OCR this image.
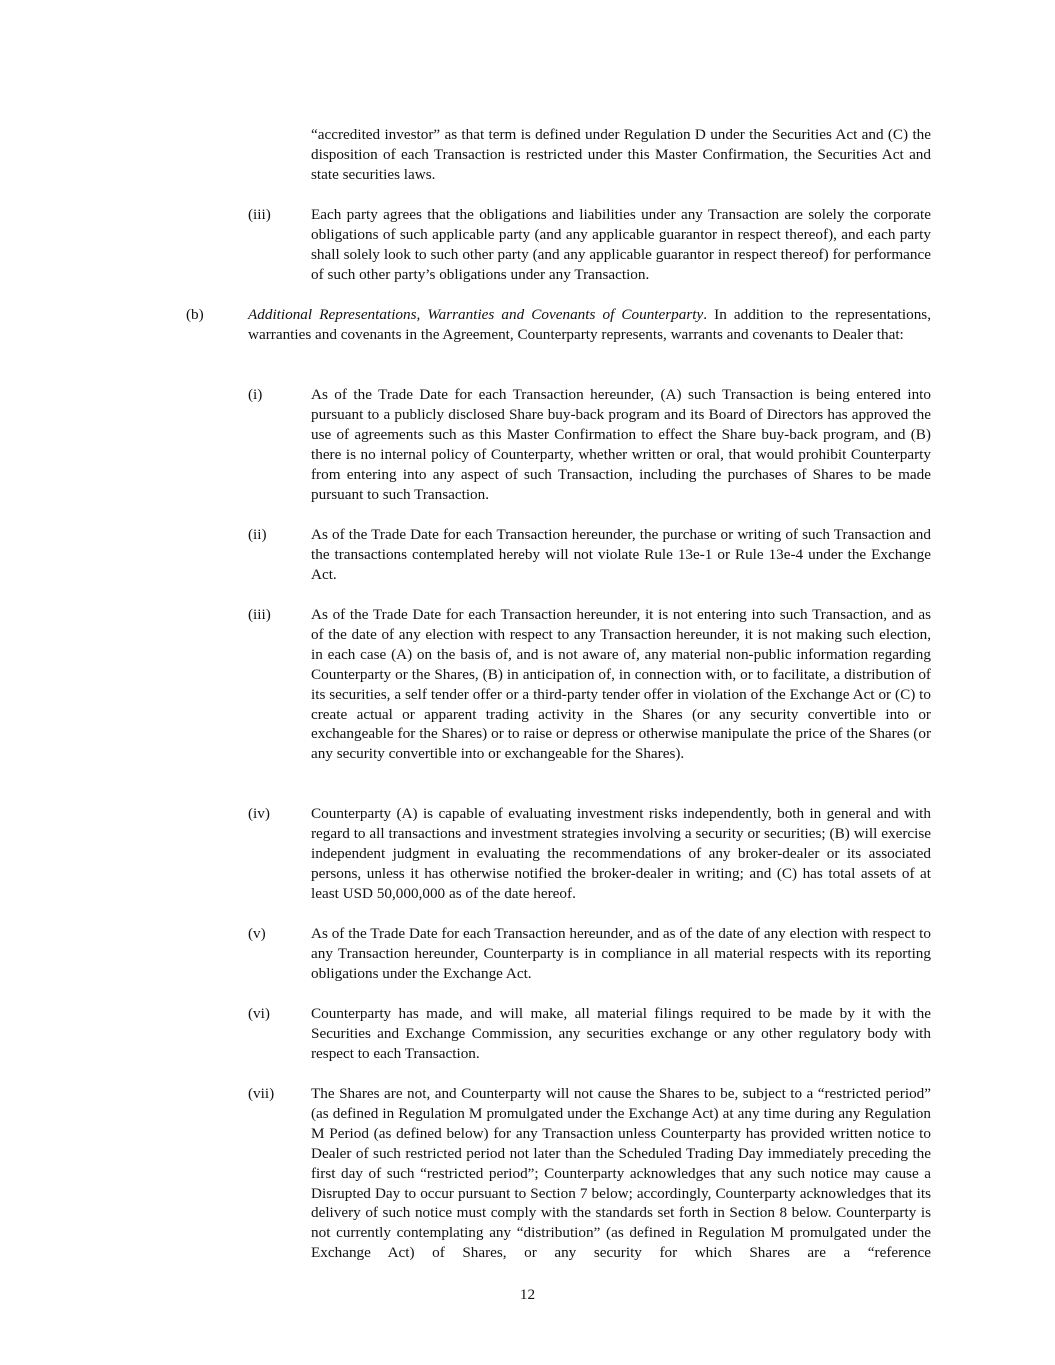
“accredited investor” as that term is defined under Regulation D under the Securities Act and (C) the disposition of each Transaction is restricted under this Master Confirmation, the Securities Act and state securities laws.
(iii)	Each party agrees that the obligations and liabilities under any Transaction are solely the corporate obligations of such applicable party (and any applicable guarantor in respect thereof), and each party shall solely look to such other party (and any applicable guarantor in respect thereof) for performance of such other party’s obligations under any Transaction.
(b)	Additional Representations, Warranties and Covenants of Counterparty. In addition to the representations, warranties and covenants in the Agreement, Counterparty represents, warrants and covenants to Dealer that:
(i)	As of the Trade Date for each Transaction hereunder, (A) such Transaction is being entered into pursuant to a publicly disclosed Share buy-back program and its Board of Directors has approved the use of agreements such as this Master Confirmation to effect the Share buy-back program, and (B) there is no internal policy of Counterparty, whether written or oral, that would prohibit Counterparty from entering into any aspect of such Transaction, including the purchases of Shares to be made pursuant to such Transaction.
(ii)	As of the Trade Date for each Transaction hereunder, the purchase or writing of such Transaction and the transactions contemplated hereby will not violate Rule 13e-1 or Rule 13e-4 under the Exchange Act.
(iii)	As of the Trade Date for each Transaction hereunder, it is not entering into such Transaction, and as of the date of any election with respect to any Transaction hereunder, it is not making such election, in each case (A) on the basis of, and is not aware of, any material non-public information regarding Counterparty or the Shares, (B) in anticipation of, in connection with, or to facilitate, a distribution of its securities, a self tender offer or a third-party tender offer in violation of the Exchange Act or (C) to create actual or apparent trading activity in the Shares (or any security convertible into or exchangeable for the Shares) or to raise or depress or otherwise manipulate the price of the Shares (or any security convertible into or exchangeable for the Shares).
(iv)	Counterparty (A) is capable of evaluating investment risks independently, both in general and with regard to all transactions and investment strategies involving a security or securities; (B) will exercise independent judgment in evaluating the recommendations of any broker-dealer or its associated persons, unless it has otherwise notified the broker-dealer in writing; and (C) has total assets of at least USD 50,000,000 as of the date hereof.
(v)	As of the Trade Date for each Transaction hereunder, and as of the date of any election with respect to any Transaction hereunder, Counterparty is in compliance in all material respects with its reporting obligations under the Exchange Act.
(vi)	Counterparty has made, and will make, all material filings required to be made by it with the Securities and Exchange Commission, any securities exchange or any other regulatory body with respect to each Transaction.
(vii) The Shares are not, and Counterparty will not cause the Shares to be, subject to a “restricted period” (as defined in Regulation M promulgated under the Exchange Act) at any time during any Regulation M Period (as defined below) for any Transaction unless Counterparty has provided written notice to Dealer of such restricted period not later than the Scheduled Trading Day immediately preceding the first day of such “restricted period”; Counterparty acknowledges that any such notice may cause a Disrupted Day to occur pursuant to Section 7 below; accordingly, Counterparty acknowledges that its delivery of such notice must comply with the standards set forth in Section 8 below. Counterparty is not currently contemplating any “distribution” (as defined in Regulation M promulgated under the Exchange Act) of Shares, or any security for which Shares are a “reference
12
